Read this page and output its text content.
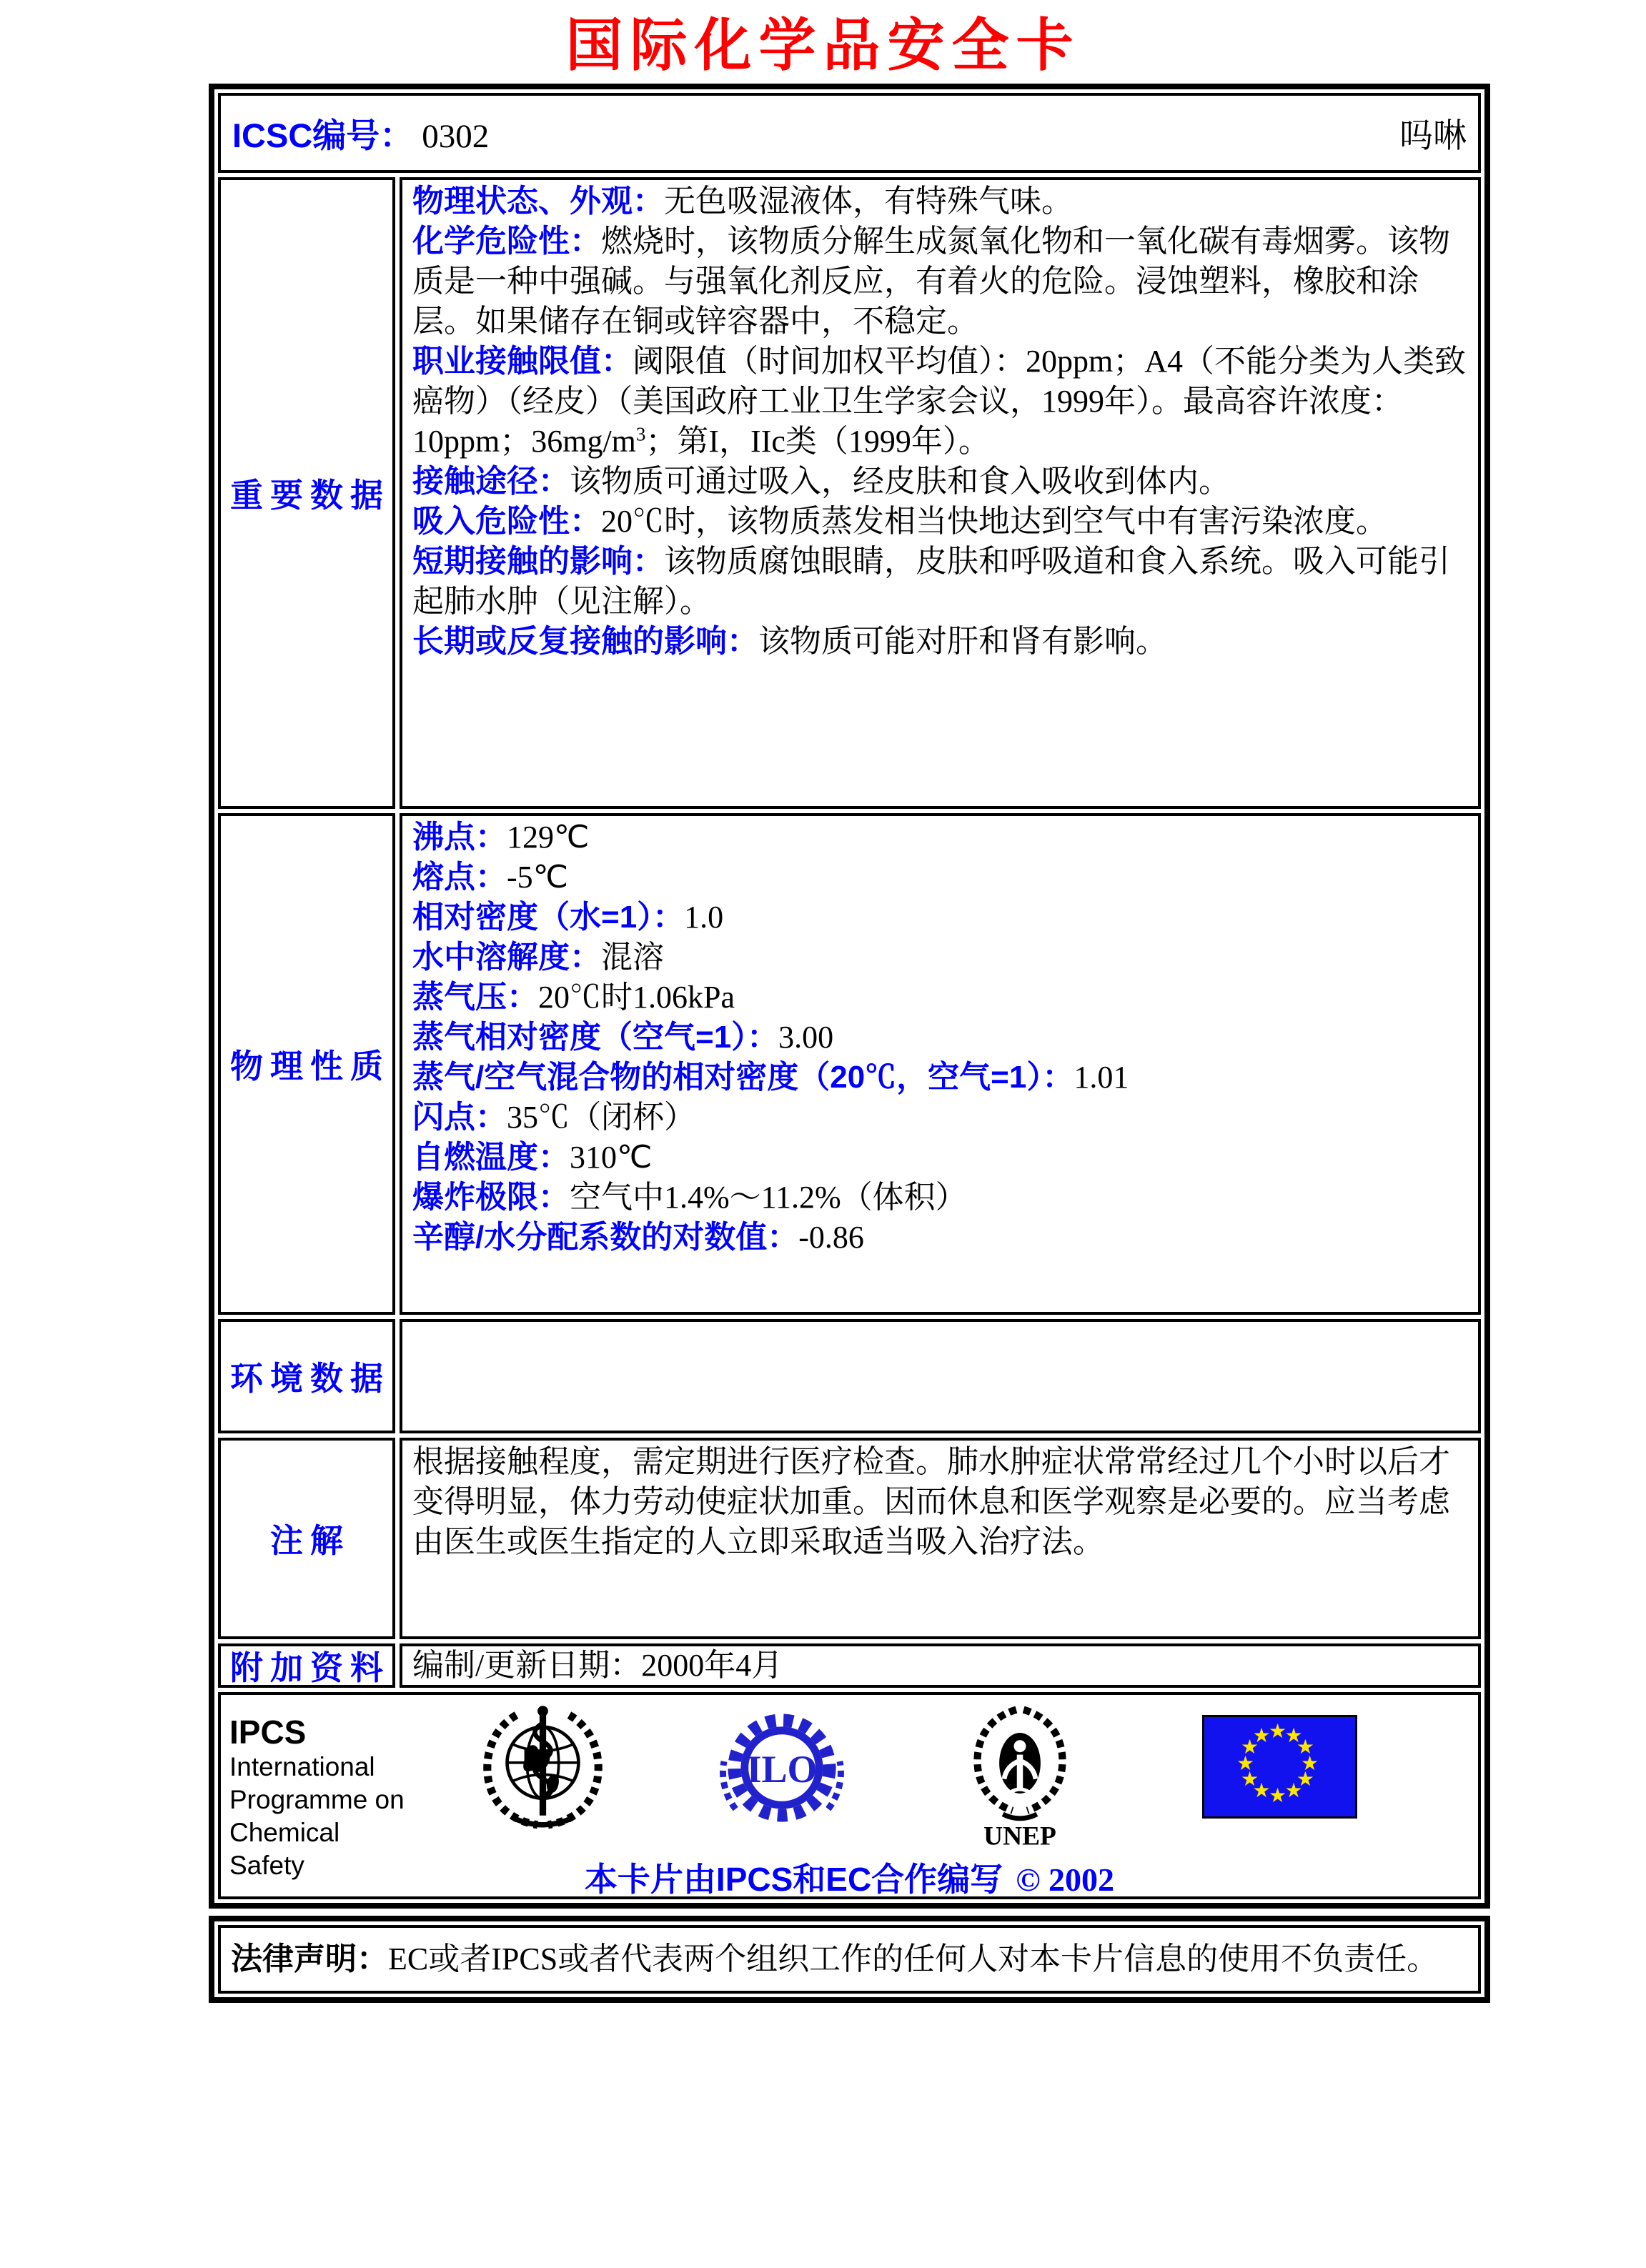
国际化学品安全卡
ICSC编号： 0302	吗啉
重要数据
物理状态、外观：无色吸湿液体，有特殊气味。
化学危险性：燃烧时，该物质分解生成氮氧化物和一氧化碳有毒烟雾。该物质是一种中强碱。与强氧化剂反应，有着火的危险。浸蚀塑料，橡胶和涂层。如果储存在铜或锌容器中，不稳定。
职业接触限值：阈限值（时间加权平均值）：20ppm；A4（不能分类为人类致癌物）（经皮）（美国政府工业卫生学家会议，1999年）。最高容许浓度：10ppm；$36mg/m^3$；第I，IIc类（1999年）。
接触途径：该物质可通过吸入，经皮肤和食入吸收到体内。
吸入危险性：20℃时，该物质蒸发相当快地达到空气中有害污染浓度。
短期接触的影响：该物质腐蚀眼睛，皮肤和呼吸道和食入系统。吸入可能引起肺水肿（见注解）。
长期或反复接触的影响：该物质可能对肝和肾有影响。
物理性质
沸点：129℃
熔点：-5℃
相对密度（水=1）：1.0
水中溶解度：混溶
蒸气压：20℃时1.06kPa
蒸气相对密度（空气=1）：3.00
蒸气/空气混合物的相对密度（20℃，空气=1）：1.01
闪点：35℃（闭杯）
自燃温度：310℃
爆炸极限：空气中1.4%～11.2%（体积）
辛醇/水分配系数的对数值：-0.86
环境数据
注解
根据接触程度，需定期进行医疗检查。肺水肿症状常常经过几个小时以后才变得明显，体力劳动使症状加重。因而休息和医学观察是必要的。应当考虑由医生或医生指定的人立即采取适当吸入治疗法。
附加资料 编制/更新日期：2000年4月
IPCS
International
Programme on
Chemical Safety
ILO
UNEP
★
★
★
★
★
★
★
★
★
★
★
★
本卡片由IPCS和EC合作编写 © 2002
法律声明： EC或者IPCS或者代表两个组织工作的任何人对本卡片信息的使用不负责任。
